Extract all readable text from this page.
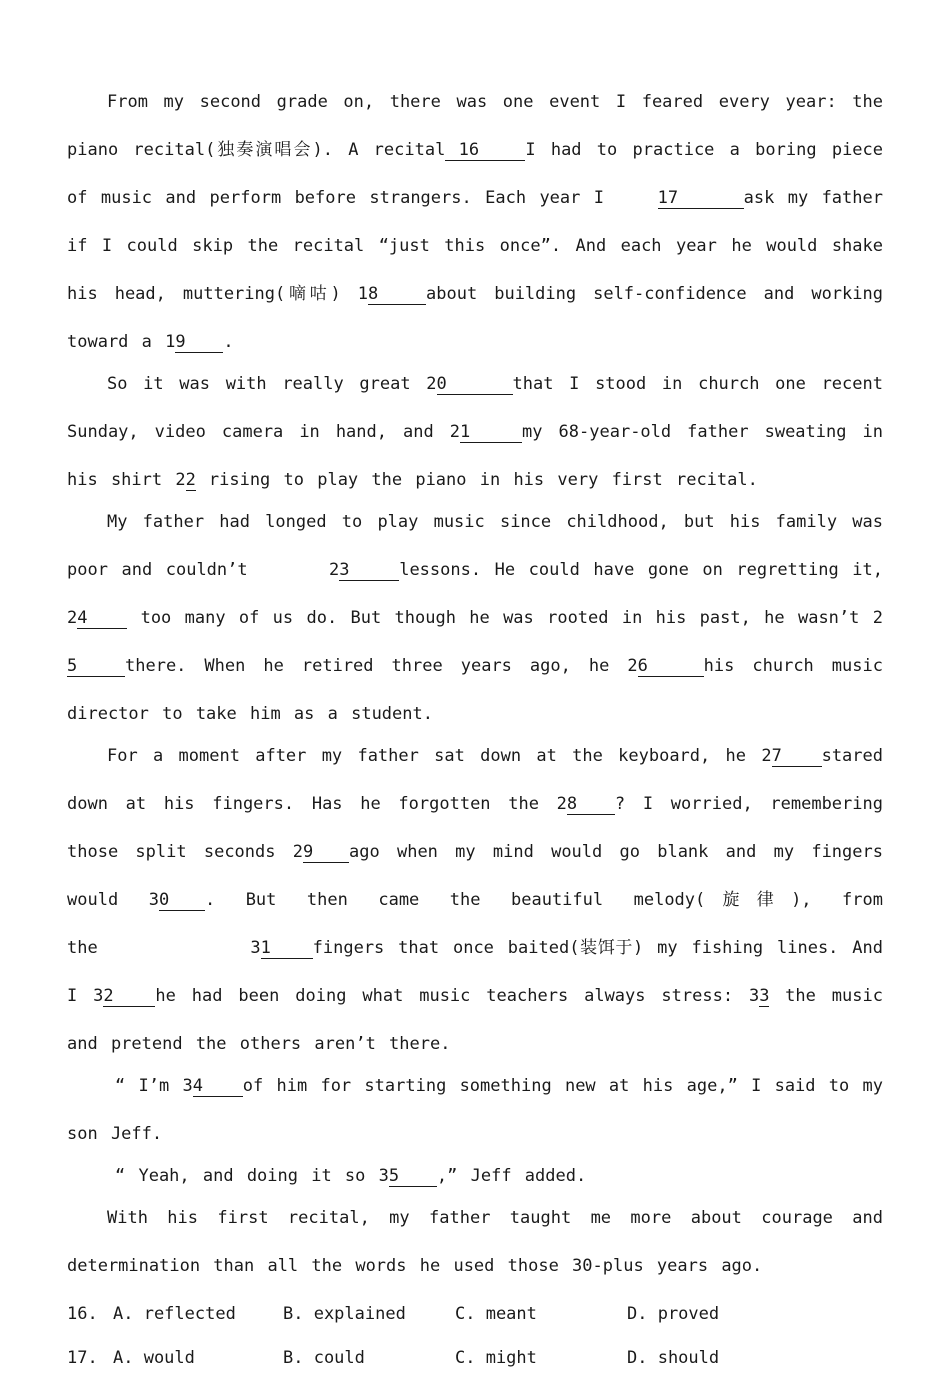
From my second grade on, there was one event I feared every year: the piano recital(独奏演唱会). A recital 16	I had to practice a boring piece of music and perform before strangers. Each year I	17	ask my father if I could skip the recital “just this once”. And each year he would shake his head, muttering(嘀咕) 18	about building self-confidence and working toward a 19 .

So it was with really great 20	that I stood in church one recent Sunday, video camera in hand, and 21	my 68-year-old father sweating in his shirt 22 rising to play the piano in his very first recital.

My father had longed to play music since childhood, but his family was poor and couldn’t	23	lessons. He could have gone on regretting it, 24	too many of us do. But though he was rooted in his past, he wasn’t 25	there. When he retired three years ago, he 26	his church music director to take him as a student.

For a moment after my father sat down at the keyboard, he 27 stared down at his fingers. Has he forgotten the 28 ? I worried, remembering those split seconds 29 ago when my mind would go blank and my fingers would 30 . But then came the beautiful melody(旋律), from the	31 fingers that once baited(装饵于) my fishing lines. And I 32 he had been doing what music teachers always stress: 33 the music and pretend the others aren’t there.

“ I’m 34 of him for starting something new at his age,” I said to my son Jeff.

“ Yeah, and doing it so 35 ,” Jeff added.

With his first recital, my father taught me more about courage and determination than all the words he used those 30-plus years ago.

16. A. reflected	B. explained	C. meant	D. proved
17. A. would	B. could	C. might	D. should
